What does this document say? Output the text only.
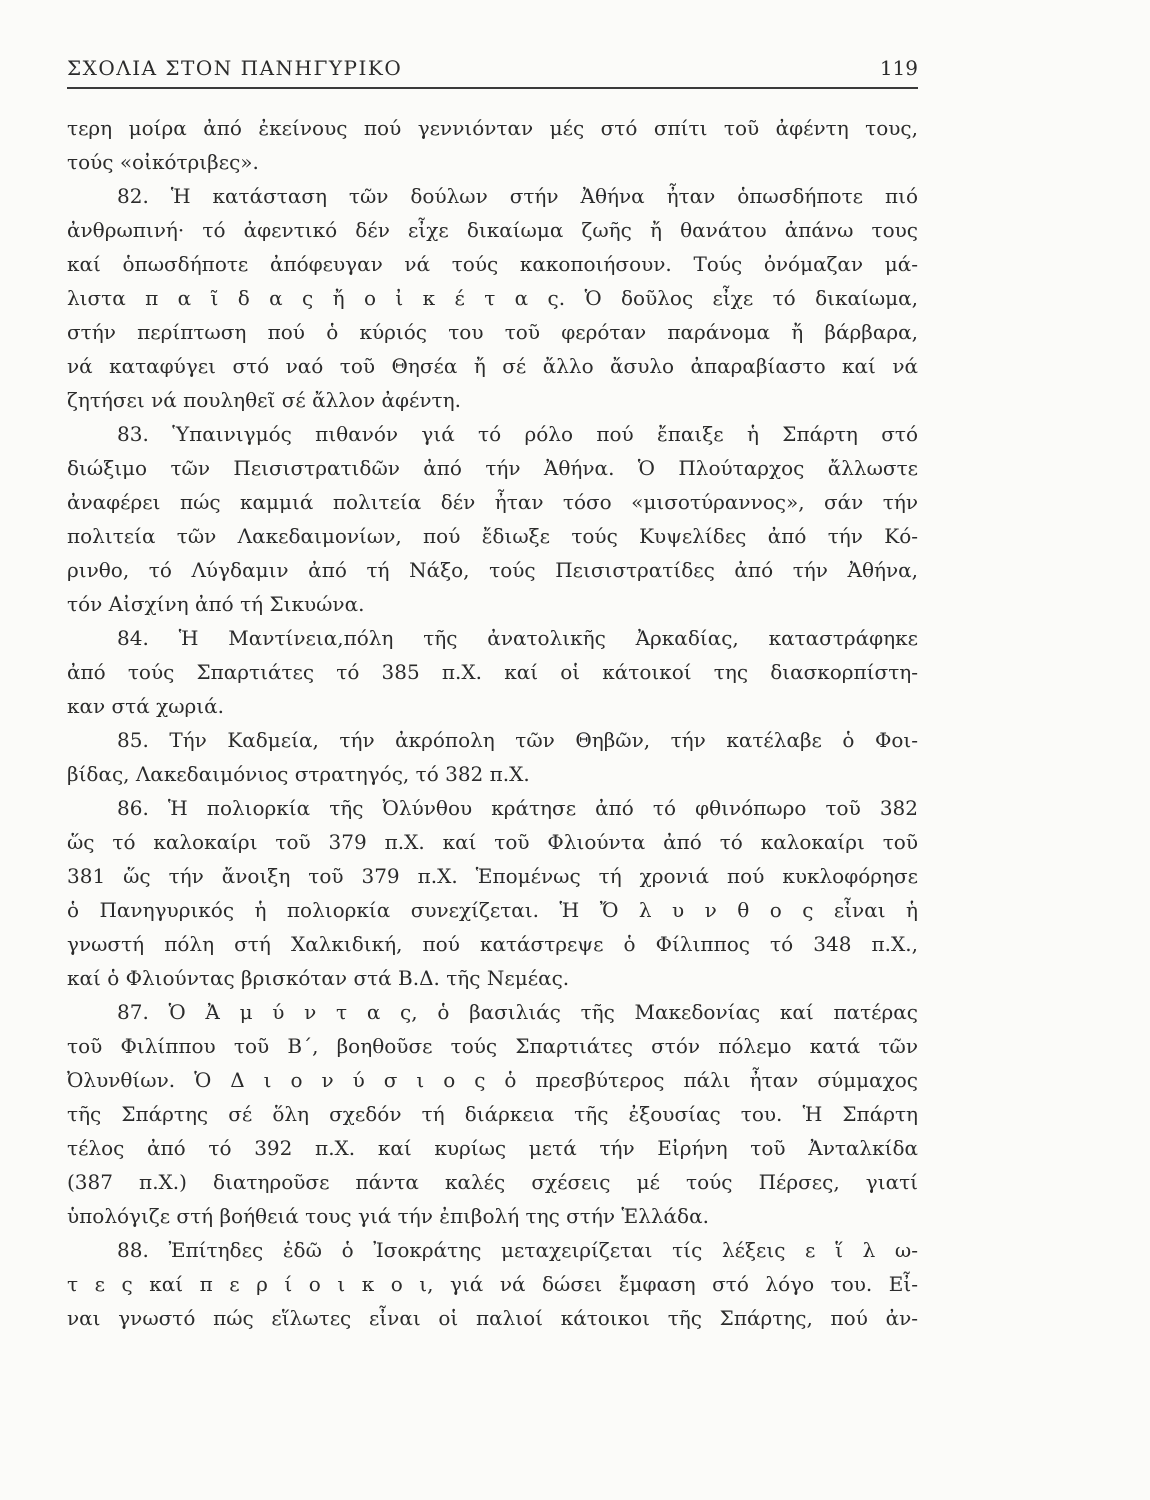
ΣΧΟΛΙΑ ΣΤΟΝ ΠΑΝΗΓΥΡΙΚΟ	119
τερη μοίρα ἀπό ἐκείνους πού γεννιόνταν μές στό σπίτι τοῦ ἀφέντη τους,
τούς «οἰκότριβες».
82. Ἡ κατάσταση τῶν δούλων στήν Ἀθήνα ἦταν ὁπωσδήποτε πιό
ἀνθρωπινή· τό ἀφεντικό δέν εἶχε δικαίωμα ζωῆς ἤ θανάτου ἀπάνω τους
καί ὁπωσδήποτε ἀπόφευγαν νά τούς κακοποιήσουν. Τούς ὀνόμαζαν μά-
λιστα π α ῖ δ α ς ἤ ο ἰ κ έ τ α ς. Ὁ δοῦλος εἶχε τό δικαίωμα,
στήν περίπτωση πού ὁ κύριός του τοῦ φερόταν παράνομα ἤ βάρβαρα,
νά καταφύγει στό ναό τοῦ Θησέα ἤ σέ ἄλλο ἄσυλο ἀπαραβίαστο καί νά
ζητήσει νά πουληθεῖ σέ ἄλλον ἀφέντη.
83. Ὑπαινιγμός πιθανόν γιά τό ρόλο πού ἔπαιξε ἡ Σπάρτη στό
διώξιμο τῶν Πεισιστρατιδῶν ἀπό τήν Ἀθήνα. Ὁ Πλούταρχος ἄλλωστε
ἀναφέρει πώς καμμιά πολιτεία δέν ἦταν τόσο «μισοτύραννος», σάν τήν
πολιτεία τῶν Λακεδαιμονίων, πού ἔδιωξε τούς Κυψελίδες ἀπό τήν Κό-
ρινθο, τό Λύγδαμιν ἀπό τή Νάξο, τούς Πεισιστρατίδες ἀπό τήν Ἀθήνα,
τόν Αἰσχίνη ἀπό τή Σικυώνα.
84. Ἡ Μαντίνεια,πόλη τῆς ἀνατολικῆς Ἀρκαδίας, καταστράφηκε
ἀπό τούς Σπαρτιάτες τό 385 π.Χ. καί οἱ κάτοικοί της διασκορπίστη-
καν στά χωριά.
85. Τήν Καδμεία, τήν ἀκρόπολη τῶν Θηβῶν, τήν κατέλαβε ὁ Φοι-
βίδας, Λακεδαιμόνιος στρατηγός, τό 382 π.Χ.
86. Ἡ πολιορκία τῆς Ὀλύνθου κράτησε ἀπό τό φθινόπωρο τοῦ 382
ὥς τό καλοκαίρι τοῦ 379 π.Χ. καί τοῦ Φλιούντα ἀπό τό καλοκαίρι τοῦ
381 ὥς τήν ἄνοιξη τοῦ 379 π.Χ. Ἑπομένως τή χρονιά πού κυκλοφόρησε
ὁ Πανηγυρικός ἡ πολιορκία συνεχίζεται. Ἡ Ὄ λ υ ν θ ο ς εἶναι ἡ
γνωστή πόλη στή Χαλκιδική, πού κατάστρεψε ὁ Φίλιππος τό 348 π.Χ.,
καί ὁ Φλιούντας βρισκόταν στά Β.Δ. τῆς Νεμέας.
87. Ὁ Ἀ μ ύ ν τ α ς, ὁ βασιλιάς τῆς Μακεδονίας καί πατέρας
τοῦ Φιλίππου τοῦ Β΄, βοηθοῦσε τούς Σπαρτιάτες στόν πόλεμο κατά τῶν
Ὀλυνθίων. Ὁ Δ ι ο ν ύ σ ι ο ς ὁ πρεσβύτερος πάλι ἦταν σύμμαχος
τῆς Σπάρτης σέ ὅλη σχεδόν τή διάρκεια τῆς ἐξουσίας του. Ἡ Σπάρτη
τέλος ἀπό τό 392 π.Χ. καί κυρίως μετά τήν Εἰρήνη τοῦ Ἀνταλκίδα
(387 π.Χ.) διατηροῦσε πάντα καλές σχέσεις μέ τούς Πέρσες, γιατί
ὑπολόγιζε στή βοήθειά τους γιά τήν ἐπιβολή της στήν Ἑλλάδα.
88. Ἐπίτηδες ἐδῶ ὁ Ἰσοκράτης μεταχειρίζεται τίς λέξεις ε ἵ λ ω-
τ ε ς καί π ε ρ ί ο ι κ ο ι, γιά νά δώσει ἔμφαση στό λόγο του. Εἶ-
ναι γνωστό πώς εἵλωτες εἶναι οἱ παλιοί κάτοικοι τῆς Σπάρτης, πού ἀν-
